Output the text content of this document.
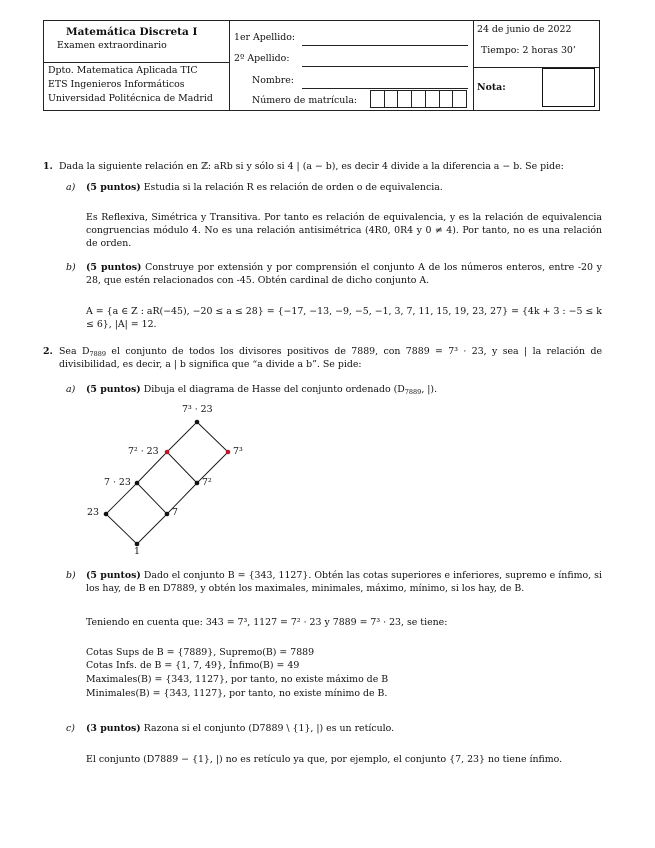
Matemática Discreta I
Examen extraordinario
Dpto. Matematica Aplicada TIC
ETS Ingenieros Informáticos
Universidad Politécnica de Madrid
1er Apellido:
2º Apellido:
Nombre:
Número de matrícula:
24 de junio de 2022
Tiempo: 2 horas 30’
Nota:
1. Dada la siguiente relación en ℤ: aRb si y sólo si 4 | (a − b), es decir 4 divide a la diferencia a − b. Se pide:
a) (5 puntos) Estudia si la relación R es relación de orden o de equivalencia.
Es Reflexiva, Simétrica y Transitiva. Por tanto es relación de equivalencia, y es la relación de equivalencia congruencias módulo 4. No es una relación antisimétrica (4R0, 0R4 y 0 ≠ 4). Por tanto, no es una relación de orden.
b) (5 puntos) Construye por extensión y por comprensión el conjunto A de los números enteros, entre -20 y 28, que estén relacionados con -45. Obtén cardinal de dicho conjunto A.
A = {a ∈ Z : aR(−45), −20 ≤ a ≤ 28} = {−17, −13, −9, −5, −1, 3, 7, 11, 15, 19, 23, 27} = {4k + 3 : −5 ≤ k ≤ 6}, |A| = 12.
2. Sea $D_{7889}$ el conjunto de todos los divisores positivos de 7889, con 7889 = 7³ · 23, y sea | la relación de divisibilidad, es decir, a | b significa que “a divide a b”. Se pide:
a) (5 puntos) Dibuja el diagrama de Hasse del conjunto ordenado ($D_{7889}$, |).
7³ · 23
7² · 23	7³
7 · 23	7²
23	7
1
b) (5 puntos) Dado el conjunto B = {343, 1127}. Obtén las cotas superiores e inferiores, supremo e ínfimo, si los hay, de B en D7889, y obtén los maximales, minimales, máximo, mínimo, si los hay, de B.
Teniendo en cuenta que: 343 = 7³, 1127 = 7² · 23 y 7889 = 7³ · 23, se tiene:
Cotas Sups de B = {7889}, Supremo(B) = 7889
Cotas Infs. de B = {1, 7, 49}, Ínfimo(B) = 49
Maximales(B) = {343, 1127}, por tanto, no existe máximo de B
Minimales(B) = {343, 1127}, por tanto, no existe mínimo de B.
c) (3 puntos) Razona si el conjunto (D7889 \ {1}, |) es un retículo.
El conjunto (D7889 − {1}, |) no es retículo ya que, por ejemplo, el conjunto {7, 23} no tiene ínfimo.
